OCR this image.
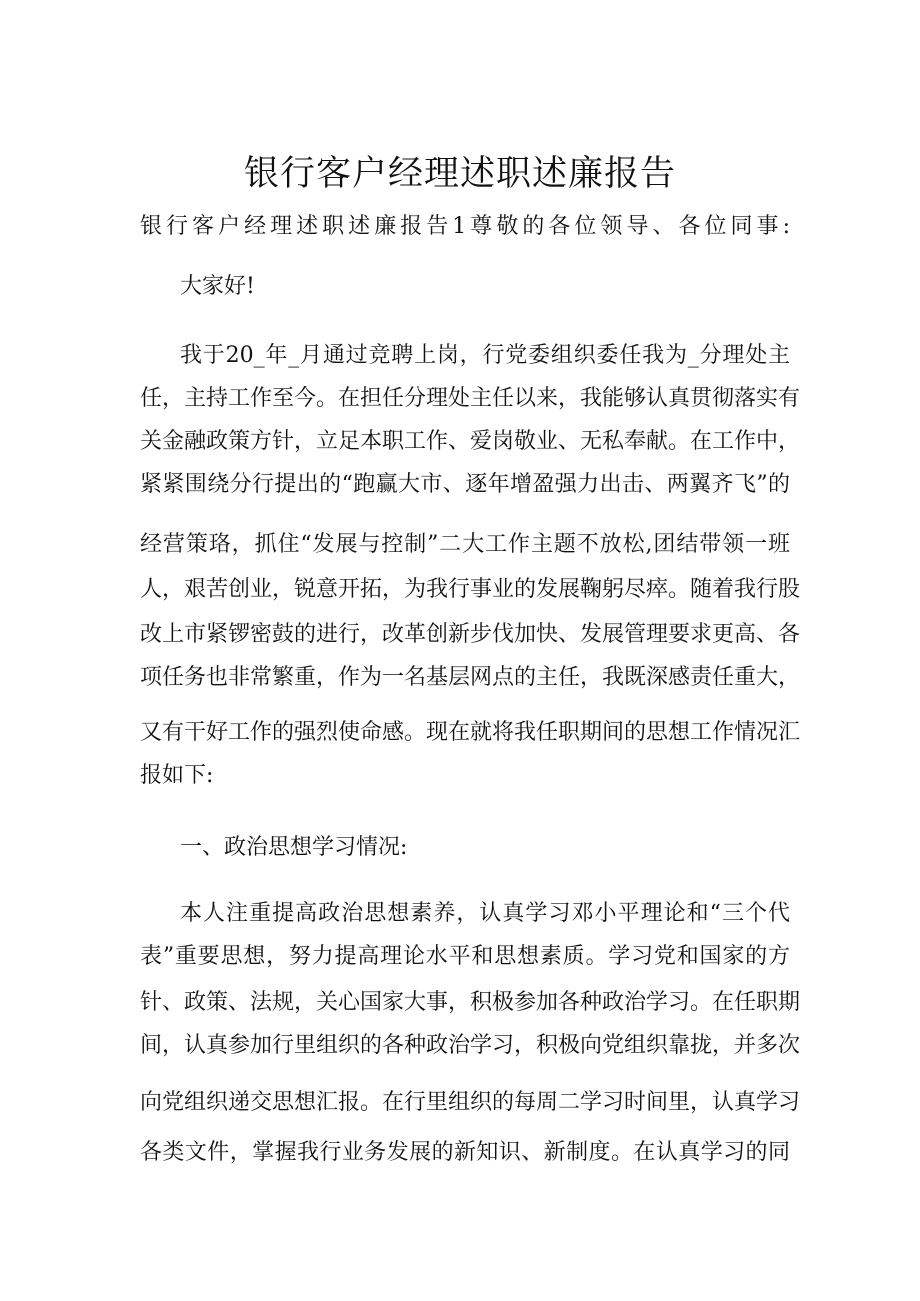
银行客户经理述职述廉报告

银行客户经理述职述廉报告1尊敬的各位领导、各位同事:

大家好!

我于20_年_月通过竞聘上岗，行党委组织委任我为_分理处主

任，主持工作至今。在担任分理处主任以来，我能够认真贯彻落实有

关金融政策方针，立足本职工作、爱岗敬业、无私奉献。在工作中，

紧紧围绕分行提出的“跑赢大市、逐年增盈强力出击、两翼齐飞”的

经营策珞，抓住“发展与控制”二大工作主题不放松,团结带领一班

人，艰苦创业，锐意开拓，为我行事业的发展鞠躬尽瘁。随着我行股

改上市紧锣密鼓的进行，改革创新步伐加快、发展管理要求更高、各

项任务也非常繁重，作为一名基层网点的主任，我既深感责任重大，

又有干好工作的强烈使命感。现在就将我任职期间的思想工作情况汇

报如下:

一、政治思想学习情况:

本人注重提高政治思想素养，认真学习邓小平理论和“三个代

表”重要思想，努力提高理论水平和思想素质。学习党和国家的方

针、政策、法规，关心国家大事，积极参加各种政治学习。在任职期

间，认真参加行里组织的各种政治学习，积极向党组织靠拢，并多次

向党组织递交思想汇报。在行里组织的每周二学习时间里，认真学习

各类文件，掌握我行业务发展的新知识、新制度。在认真学习的同
